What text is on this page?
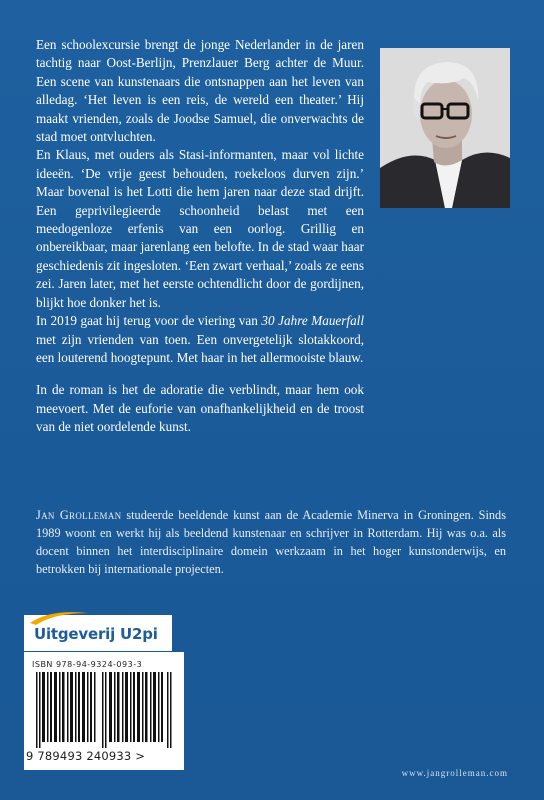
Een schoolexcursie brengt de jonge Nederlander in de jaren tachtig naar Oost-Berlijn, Prenzlauer Berg achter de Muur. Een scene van kunstenaars die ontsnappen aan het leven van alledag. ‘Het leven is een reis, de wereld een theater.’ Hij maakt vrienden, zoals de Joodse Samuel, die onverwachts de stad moet ontvluchten.

En Klaus, met ouders als Stasi-informanten, maar vol lichte ideeën. ‘De vrije geest behouden, roekeloos durven zijn.’ Maar bovenal is het Lotti die hem jaren naar deze stad drijft. Een geprivilegieerde schoonheid belast met een meedogenloze erfenis van een oorlog. Grillig en onbereikbaar, maar jarenlang een belofte. In de stad waar haar geschiedenis zit ingesloten. ‘Een zwart verhaal,’ zoals ze eens zei. Jaren later, met het eerste ochtendlicht door de gordijnen, blijkt hoe donker het is.

In 2019 gaat hij terug voor de viering van 30 Jahre Mauerfall met zijn vrienden van toen. Een onvergetelijk slotakkoord, een louterend hoogtepunt. Met haar in het allermooiste blauw.

In de roman is het de adoratie die verblindt, maar hem ook meevoert. Met de euforie van onafhankelijkheid en de troost van de niet oordelende kunst.

Jan Grolleman studeerde beeldende kunst aan de Academie Minerva in Groningen. Sinds 1989 woont en werkt hij als beeldend kunstenaar en schrijver in Rotterdam. Hij was o.a. als docent binnen het interdisciplinaire domein werkzaam in het hoger kunstonderwijs, en betrokken bij internationale projecten.
Uitgeverij U2pi
ISBN 978-94-9324-093-3
9 789493 240933 >
www.jangrolleman.com
